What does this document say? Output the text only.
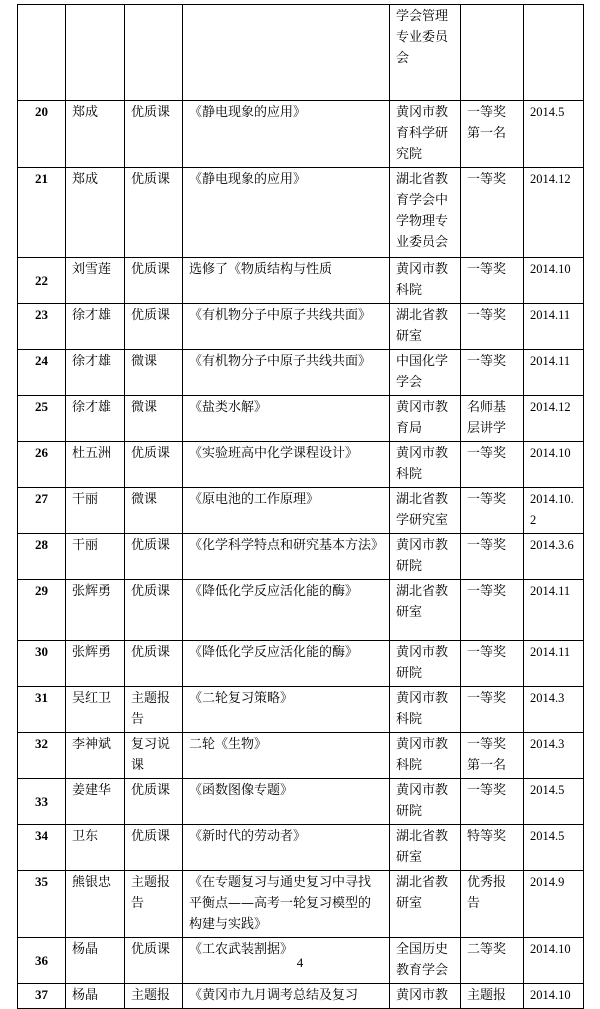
				学会管理专业委员会		
20	郑成	优质课	《静电现象的应用》	黄冈市教育科学研究院	一等奖第一名	2014.5
21	郑成	优质课	《静电现象的应用》	湖北省教育学会中学物理专业委员会	一等奖	2014.12
22	刘雪莲	优质课	选修了《物质结构与性质	黄冈市教科院	一等奖	2014.10
23	徐才雄	优质课	《有机物分子中原子共线共面》	湖北省教研室	一等奖	2014.11
24	徐才雄	微课	《有机物分子中原子共线共面》	中国化学学会	一等奖	2014.11
25	徐才雄	微课	《盐类水解》	黄冈市教育局	名师基层讲学	2014.12
26	杜五洲	优质课	《实验班高中化学课程设计》	黄冈市教科院	一等奖	2014.10
27	干丽	微课	《原电池的工作原理》	湖北省教学研究室	一等奖	2014.10.2
28	干丽	优质课	《化学科学特点和研究基本方法》	黄冈市教研院	一等奖	2014.3.6
29	张辉勇	优质课	《降低化学反应活化能的酶》	湖北省教研室	一等奖	2014.11
30	张辉勇	优质课	《降低化学反应活化能的酶》	黄冈市教研院	一等奖	2014.11
31	吴红卫	主题报告	《二轮复习策略》	黄冈市教科院	一等奖	2014.3
32	李神斌	复习说课	二轮《生物》	黄冈市教科院	一等奖第一名	2014.3
33	姜建华	优质课	《函数图像专题》	黄冈市教研院	一等奖	2014.5
34	卫东	优质课	《新时代的劳动者》	湖北省教研室	特等奖	2014.5
35	熊银忠	主题报告	《在专题复习与通史复习中寻找平衡点——高考一轮复习模型的构建与实践》	湖北省教研室	优秀报告	2014.9
36	杨晶	优质课	《工农武装割据》	全国历史教育学会	二等奖	2014.10
37	杨晶	主题报	《黄冈市九月调考总结及复习	黄冈市教	主题报	2014.10
4
